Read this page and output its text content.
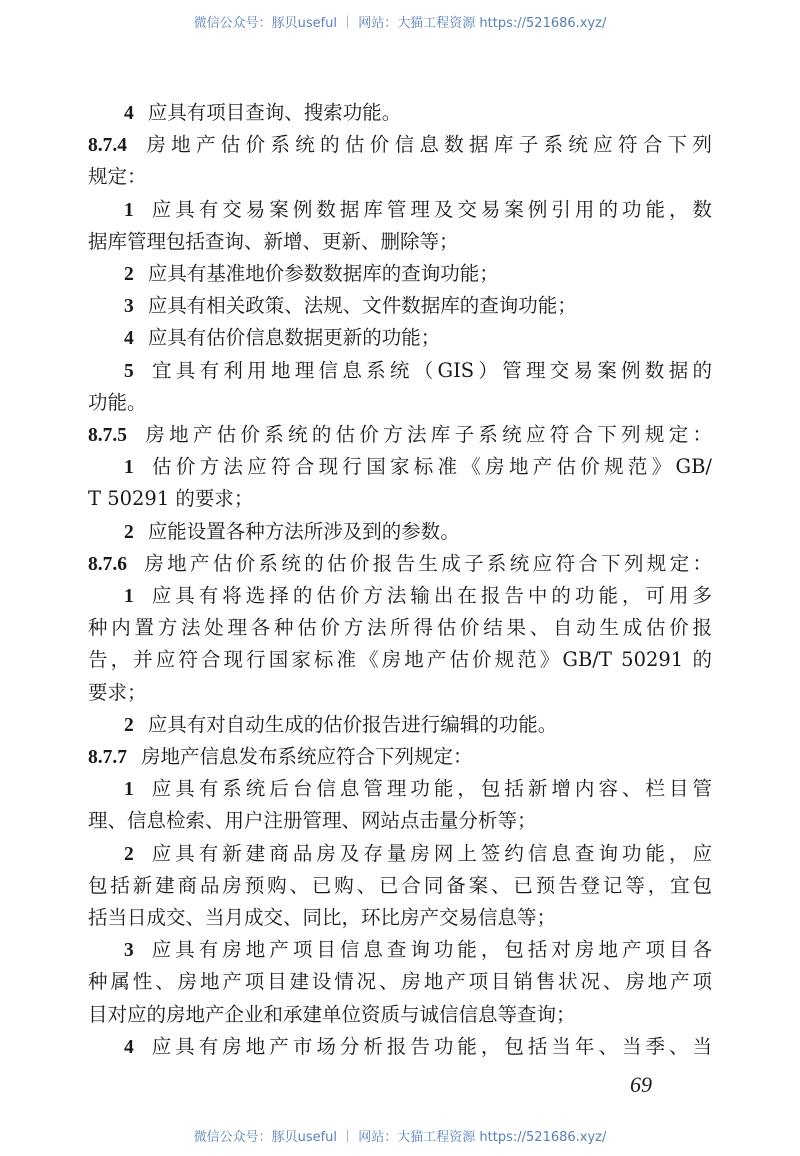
微信公众号：豚贝useful ｜ 网站：大猫工程资源 https://521686.xyz/
4 应具有项目查询、搜索功能。
8.7.4 房地产估价系统的估价信息数据库子系统应符合下列
规定：
1 应具有交易案例数据库管理及交易案例引用的功能，数
据库管理包括查询、新增、更新、删除等；
2 应具有基准地价参数数据库的查询功能；
3 应具有相关政策、法规、文件数据库的查询功能；
4 应具有估价信息数据更新的功能；
5 宜具有利用地理信息系统（GIS）管理交易案例数据的
功能。
8.7.5 房地产估价系统的估价方法库子系统应符合下列规定：
1 估价方法应符合现行国家标准《房地产估价规范》GB/
T 50291 的要求；
2 应能设置各种方法所涉及到的参数。
8.7.6 房地产估价系统的估价报告生成子系统应符合下列规定：
1 应具有将选择的估价方法输出在报告中的功能，可用多
种内置方法处理各种估价方法所得估价结果、自动生成估价报
告，并应符合现行国家标准《房地产估价规范》GB/T 50291 的
要求；
2 应具有对自动生成的估价报告进行编辑的功能。
8.7.7 房地产信息发布系统应符合下列规定：
1 应具有系统后台信息管理功能，包括新增内容、栏目管
理、信息检索、用户注册管理、网站点击量分析等；
2 应具有新建商品房及存量房网上签约信息查询功能，应
包括新建商品房预购、已购、已合同备案、已预告登记等，宜包
括当日成交、当月成交、同比，环比房产交易信息等；
3 应具有房地产项目信息查询功能，包括对房地产项目各
种属性、房地产项目建设情况、房地产项目销售状况、房地产项
目对应的房地产企业和承建单位资质与诚信信息等查询；
4 应具有房地产市场分析报告功能，包括当年、当季、当
69
微信公众号：豚贝useful ｜ 网站：大猫工程资源 https://521686.xyz/
